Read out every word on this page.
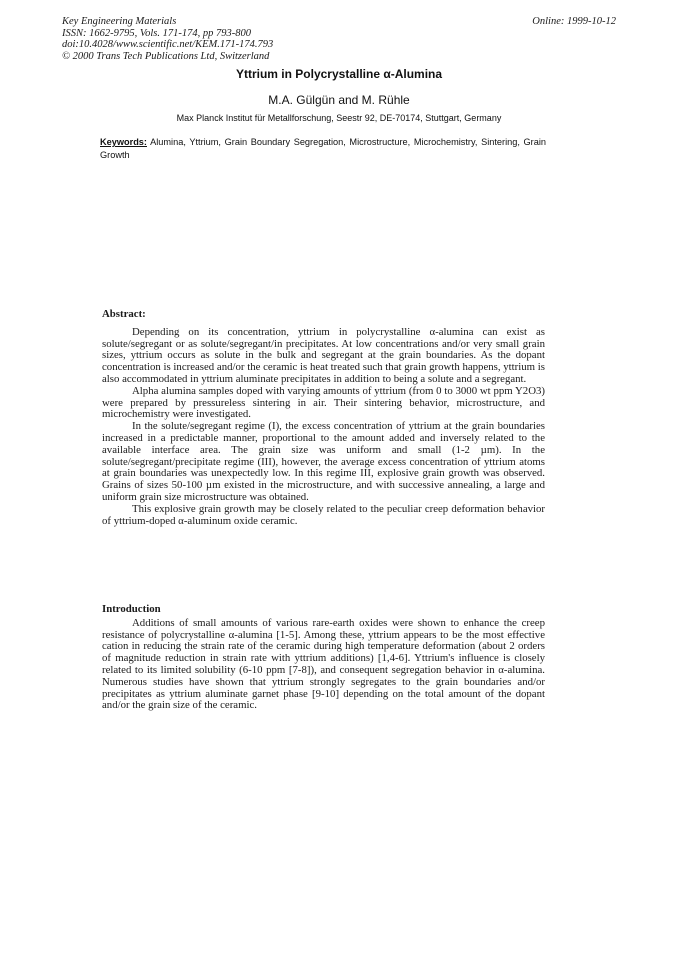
Key Engineering Materials
ISSN: 1662-9795, Vols. 171-174, pp 793-800
doi:10.4028/www.scientific.net/KEM.171-174.793
© 2000 Trans Tech Publications Ltd, Switzerland
Online: 1999-10-12
Yttrium in Polycrystalline α-Alumina
M.A. Gülgün and M. Rühle
Max Planck Institut für Metallforschung, Seestr 92, DE-70174, Stuttgart, Germany
Keywords: Alumina, Yttrium, Grain Boundary Segregation, Microstructure, Microchemistry, Sintering, Grain Growth
Abstract:

Depending on its concentration, yttrium in polycrystalline α-alumina can exist as solute/segregant or as solute/segregant/in precipitates. At low concentrations and/or very small grain sizes, yttrium occurs as solute in the bulk and segregant at the grain boundaries. As the dopant concentration is increased and/or the ceramic is heat treated such that grain growth happens, yttrium is also accommodated in yttrium aluminate precipitates in addition to being a solute and a segregant.

Alpha alumina samples doped with varying amounts of yttrium (from 0 to 3000 wt ppm Y2O3) were prepared by pressureless sintering in air. Their sintering behavior, microstructure, and microchemistry were investigated.

In the solute/segregant regime (I), the excess concentration of yttrium at the grain boundaries increased in a predictable manner, proportional to the amount added and inversely related to the available interface area. The grain size was uniform and small (1-2 µm). In the solute/segregant/precipitate regime (III), however, the average excess concentration of yttrium atoms at grain boundaries was unexpectedly low. In this regime III, explosive grain growth was observed. Grains of sizes 50-100 µm existed in the microstructure, and with successive annealing, a large and uniform grain size microstructure was obtained.

This explosive grain growth may be closely related to the peculiar creep deformation behavior of yttrium-doped α-aluminum oxide ceramic.

Introduction

Additions of small amounts of various rare-earth oxides were shown to enhance the creep resistance of polycrystalline α-alumina [1-5]. Among these, yttrium appears to be the most effective cation in reducing the strain rate of the ceramic during high temperature deformation (about 2 orders of magnitude reduction in strain rate with yttrium additions) [1,4-6]. Yttrium's influence is closely related to its limited solubility (6-10 ppm [7-8]), and consequent segregation behavior in α-alumina. Numerous studies have shown that yttrium strongly segregates to the grain boundaries and/or precipitates as yttrium aluminate garnet phase [9-10] depending on the total amount of the dopant and/or the grain size of the ceramic.
